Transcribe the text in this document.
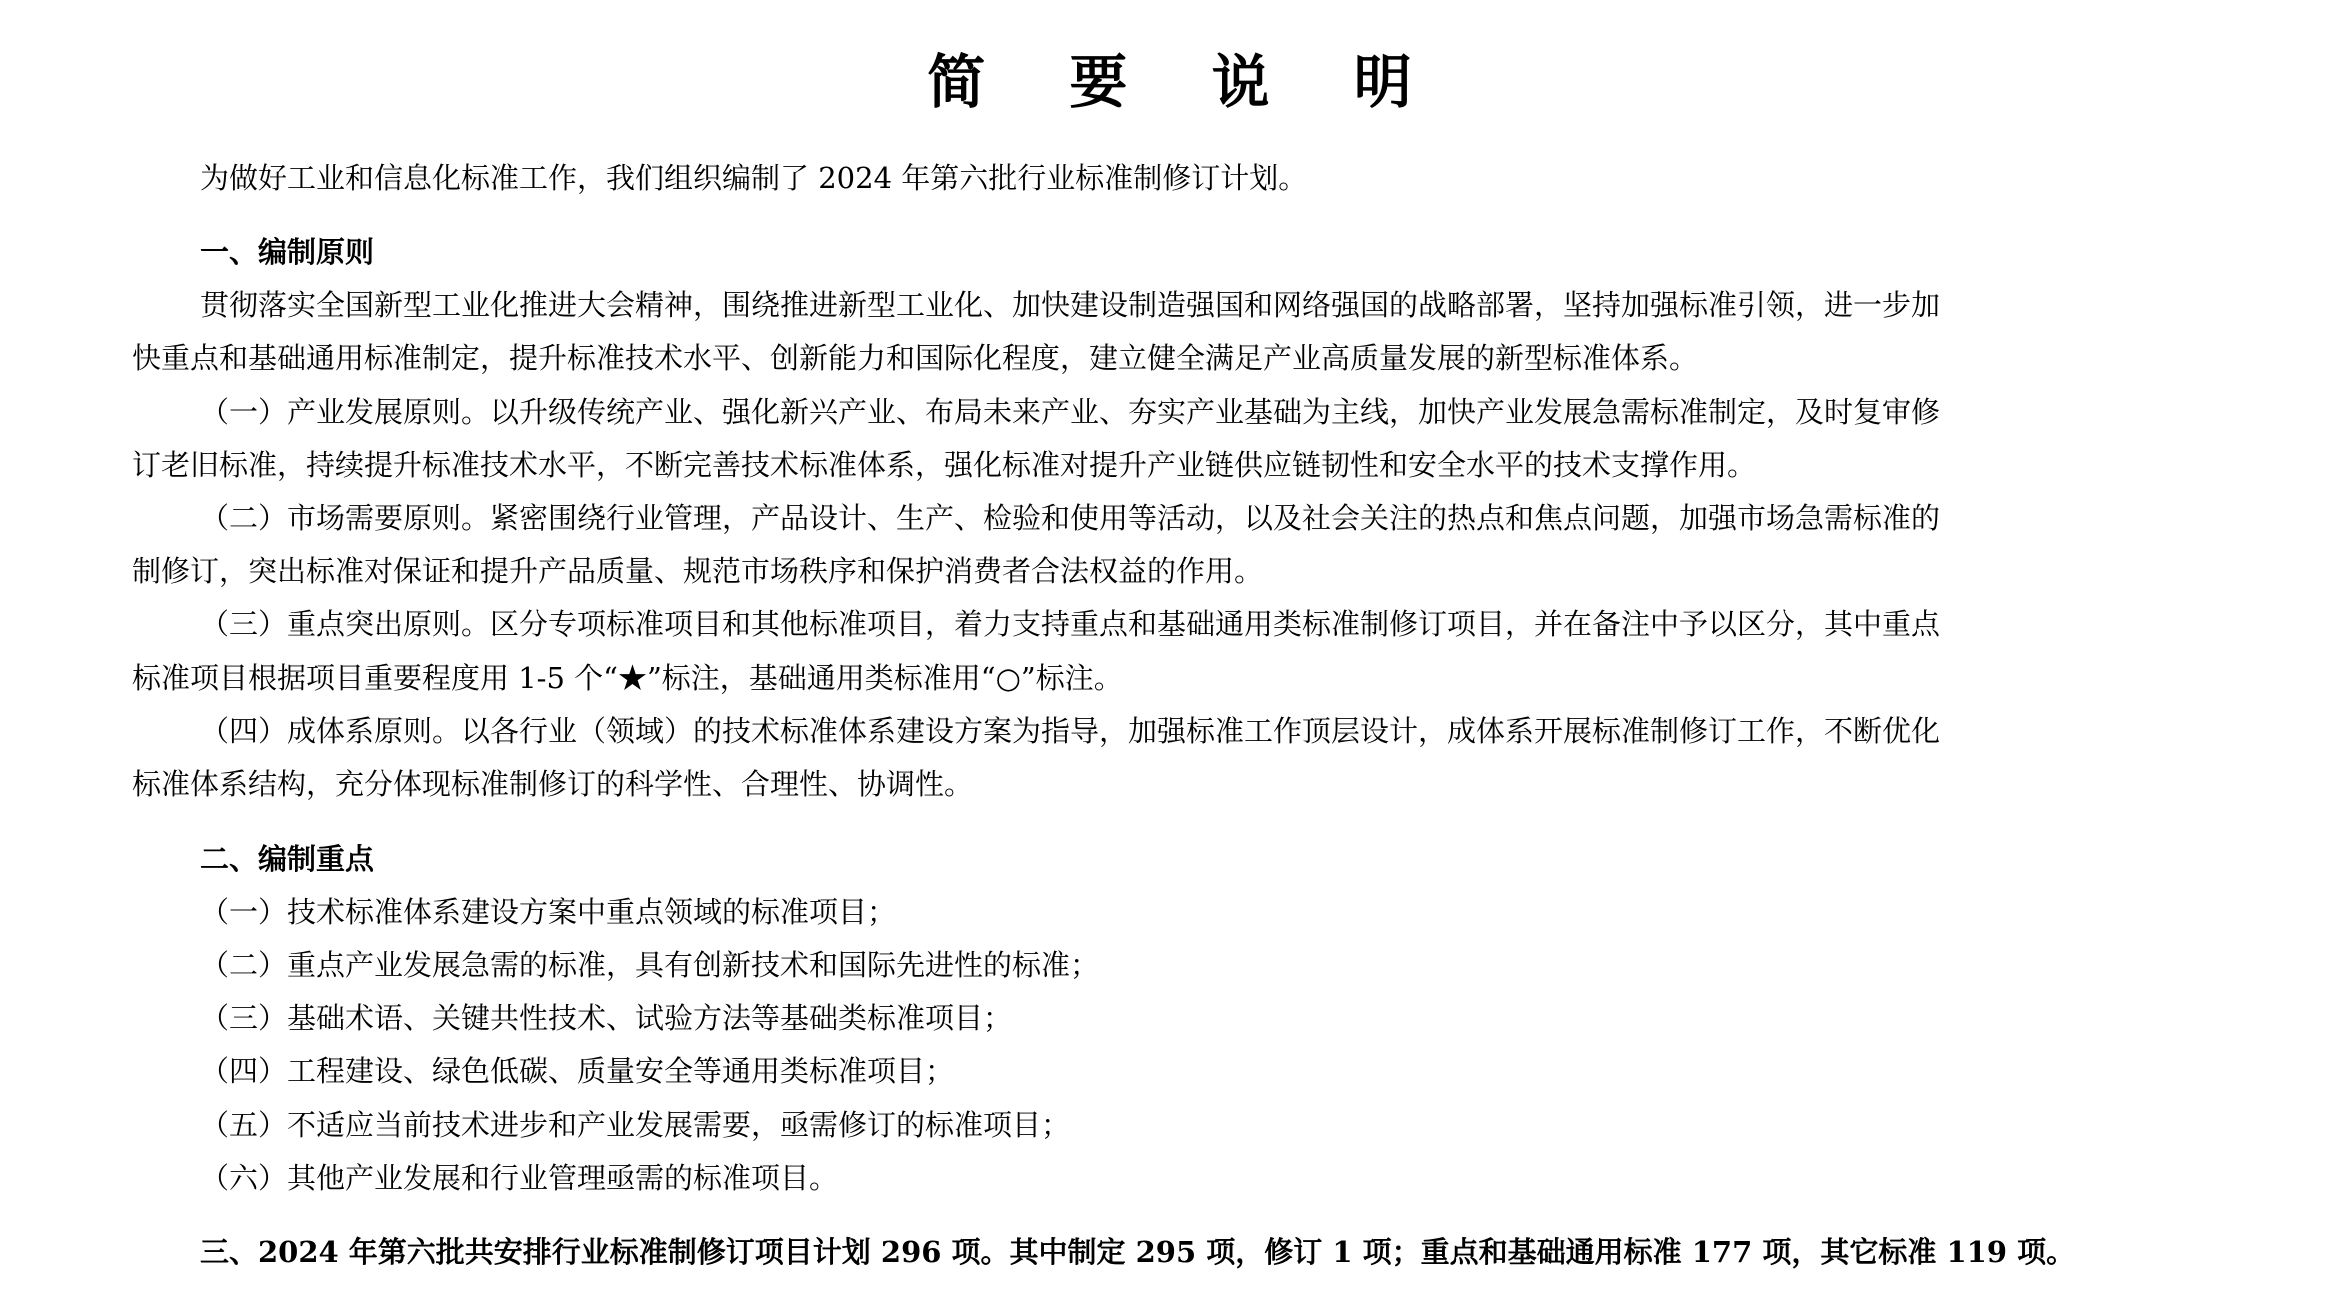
简 要 说 明
为做好工业和信息化标准工作，我们组织编制了 2024 年第六批行业标准制修订计划。
一、编制原则
贯彻落实全国新型工业化推进大会精神，围绕推进新型工业化、加快建设制造强国和网络强国的战略部署，坚持加强标准引领，进一步加
快重点和基础通用标准制定，提升标准技术水平、创新能力和国际化程度，建立健全满足产业高质量发展的新型标准体系。
（一）产业发展原则。以升级传统产业、强化新兴产业、布局未来产业、夯实产业基础为主线，加快产业发展急需标准制定，及时复审修
订老旧标准，持续提升标准技术水平，不断完善技术标准体系，强化标准对提升产业链供应链韧性和安全水平的技术支撑作用。
（二）市场需要原则。紧密围绕行业管理，产品设计、生产、检验和使用等活动，以及社会关注的热点和焦点问题，加强市场急需标准的
制修订，突出标准对保证和提升产品质量、规范市场秩序和保护消费者合法权益的作用。
（三）重点突出原则。区分专项标准项目和其他标准项目，着力支持重点和基础通用类标准制修订项目，并在备注中予以区分，其中重点
标准项目根据项目重要程度用 1-5 个“★”标注，基础通用类标准用“○”标注。
（四）成体系原则。以各行业（领域）的技术标准体系建设方案为指导，加强标准工作顶层设计，成体系开展标准制修订工作，不断优化
标准体系结构，充分体现标准制修订的科学性、合理性、协调性。
二、编制重点
（一）技术标准体系建设方案中重点领域的标准项目；
（二）重点产业发展急需的标准，具有创新技术和国际先进性的标准；
（三）基础术语、关键共性技术、试验方法等基础类标准项目；
（四）工程建设、绿色低碳、质量安全等通用类标准项目；
（五）不适应当前技术进步和产业发展需要，亟需修订的标准项目；
（六）其他产业发展和行业管理亟需的标准项目。
三、2024 年第六批共安排行业标准制修订项目计划 296 项。其中制定 295 项，修订 1 项；重点和基础通用标准 177 项，其它标准 119 项。
